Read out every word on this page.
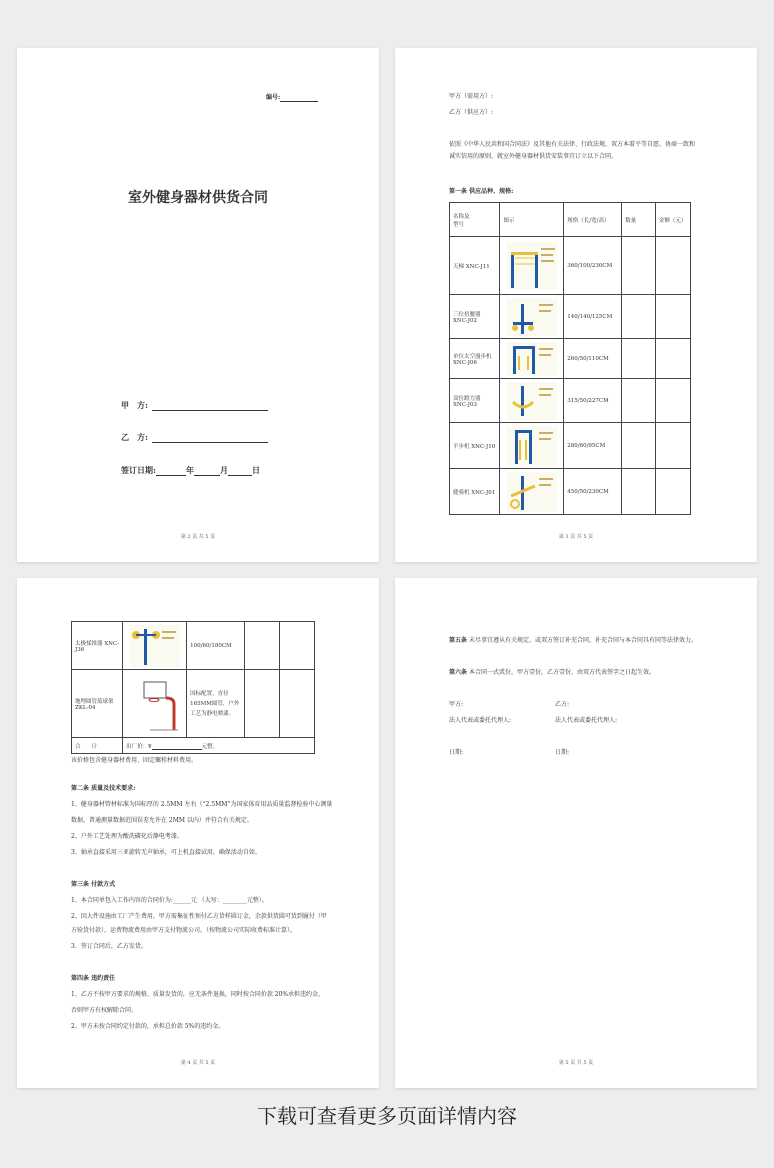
编号:
室外健身器材供货合同
甲　方:
乙　方:
签订日期:	年	月	日
第 2 页 共 5 页
甲方（需用方）:
乙方（供应方）:
依照《中华人民共和国合同法》及其他有关法律、行政法规，双方本着平等自愿、协商一致和
诚实信用的原则，就室外健身器材供货安装事宜订立以下合同。
第一条 供应品种、规格:
名称及
型号	图示	规格（长/宽/高）	数量	金额（元）
天梯 XNC-J11		360/100/230CM		
三位扭腰器 XNC-J02		140/140/125CM		
单位太空漫步机 XNC-J06		260/50/110CM		
双位蹬力器 XNC-J03		315/50/227CM		
平步机 XNC-J10		280/60/95CM		
健骑机 XNC-J01		450/50/230CM		
第 3 页 共 5 页
太极揉推器 XNC-J36		100/60/180CM		
地埋圆管篮球架 ZKL-04		国标配置，直径165MM圆管，户外工艺为静电喷漆。		
合　　计	出厂价：¥ 元整。			
该价格包含健身器材费用、固定螺栓材料费用。
第二条 质量及技术要求:
1、健身器材管材标准为国标厚的 2.5MM 左右（“2.5MM”为国家体育用品质量监督检验中心测量
数据，普通测量数据范围误差允许在 2MM 以内）并符合有关规定。
2、户外工艺处理为酸洗磷化后静电考漆。
3、轴承直接采用三亚旋转无声轴承，可上机直接试用，确保活动自如。
第三条 付款方式
1、本合同单包入工作内容的合同价为:______元 （大写：________元整）。
2、因大件设施由工厂产生费用，甲方需集征性预付乙方货样圆订金，余款供货圆可货到履付（甲
方验货付款），运费物流费用由甲方支付物流公司。（按物流公司实际收费标准计算）。
3．签订合同后，乙方发货。
第四条 违约责任
1、乙方不按甲方要求的规格、质量发货的，应无条件退换，同时按合同价款 20%承担违约金，
否则甲方有权解除合同。
2、甲方未按合同约定付款的，承担总价款 5%的违约金。
第 4 页 共 5 页
第五条 未尽事宜遵从有关规定，或双方签订补充合同，补充合同与本合同具有同等法律效力。
第六条 本合同一式贰份，甲方壹份，乙方壹份，由双方代表签字之日起生效。
甲方:	乙方:
法人代表或委托代理人:	法人代表或委托代理人:
日期:	日期:
第 5 页 共 5 页
下载可查看更多页面详情内容
